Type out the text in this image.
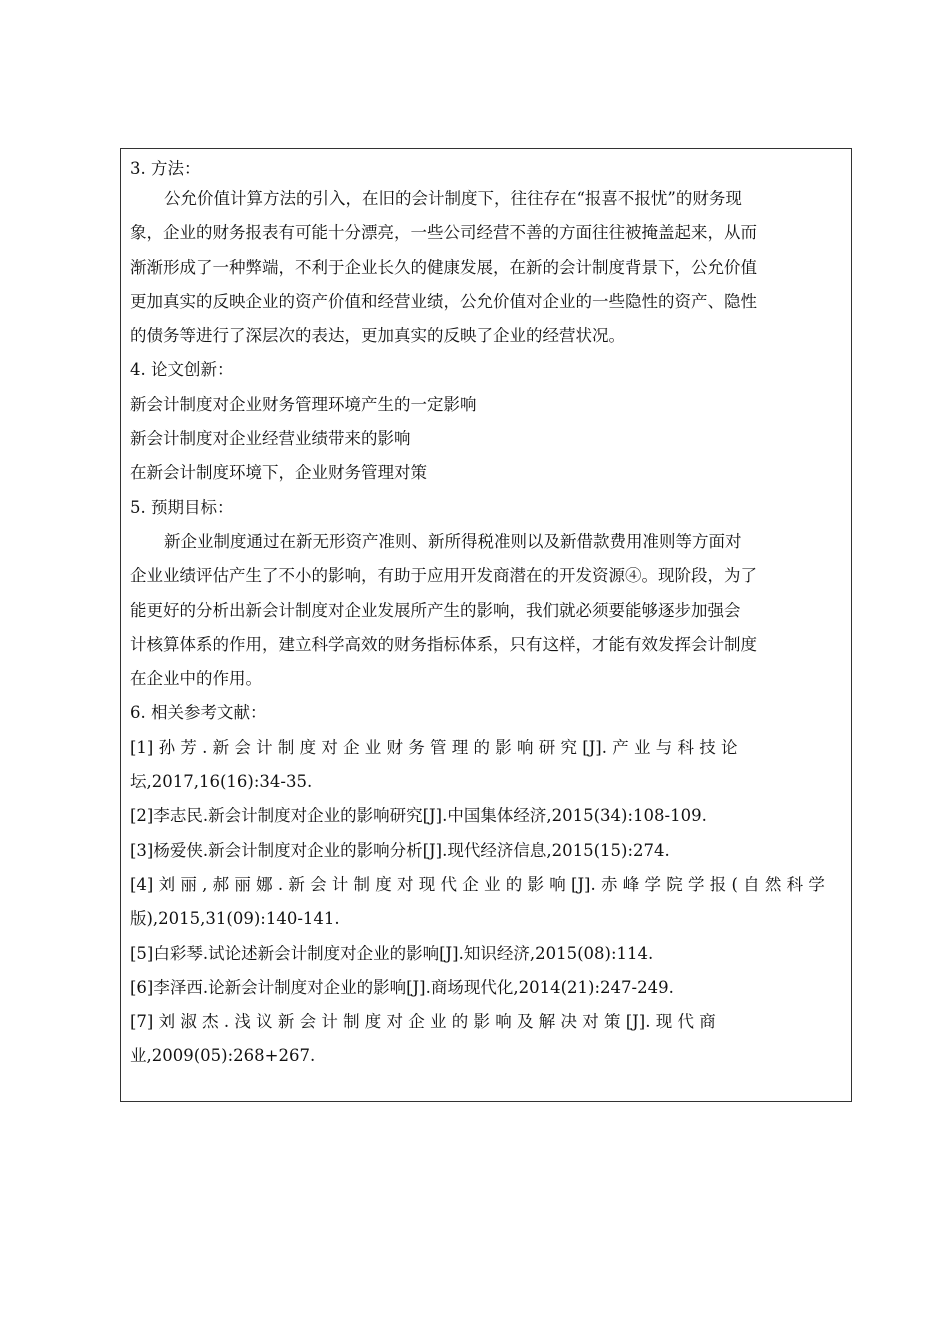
3. 方法：
公允价值计算方法的引入，在旧的会计制度下，往往存在“报喜不报忧”的财务现
象，企业的财务报表有可能十分漂亮，一些公司经营不善的方面往往被掩盖起来，从而
渐渐形成了一种弊端，不利于企业长久的健康发展，在新的会计制度背景下，公允价值
更加真实的反映企业的资产价值和经营业绩，公允价值对企业的一些隐性的资产、隐性
的债务等进行了深层次的表达，更加真实的反映了企业的经营状况。
4. 论文创新：
新会计制度对企业财务管理环境产生的一定影响
新会计制度对企业经营业绩带来的影响
在新会计制度环境下，企业财务管理对策
5. 预期目标：
新企业制度通过在新无形资产准则、新所得税准则以及新借款费用准则等方面对
企业业绩评估产生了不小的影响，有助于应用开发商潜在的开发资源④。现阶段，为了
能更好的分析出新会计制度对企业发展所产生的影响，我们就必须要能够逐步加强会
计核算体系的作用，建立科学高效的财务指标体系，只有这样，才能有效发挥会计制度
在企业中的作用。
6. 相关参考文献：
[1] 孙 芳 . 新 会 计 制 度 对 企 业 财 务 管 理 的 影 响 研 究 [J]. 产 业 与 科 技 论
坛,2017,16(16):34-35.
[2]李志民.新会计制度对企业的影响研究[J].中国集体经济,2015(34):108-109.
[3]杨爱侠.新会计制度对企业的影响分析[J].现代经济信息,2015(15):274.
[4] 刘 丽 , 郝 丽 娜 . 新 会 计 制 度 对 现 代 企 业 的 影 响 [J]. 赤 峰 学 院 学 报 ( 自 然 科 学
版),2015,31(09):140-141.
[5]白彩琴.试论述新会计制度对企业的影响[J].知识经济,2015(08):114.
[6]李泽西.论新会计制度对企业的影响[J].商场现代化,2014(21):247-249.
[7] 刘 淑 杰 . 浅 议 新 会 计 制 度 对 企 业 的 影 响 及 解 决 对 策 [J]. 现 代 商
业,2009(05):268+267.
